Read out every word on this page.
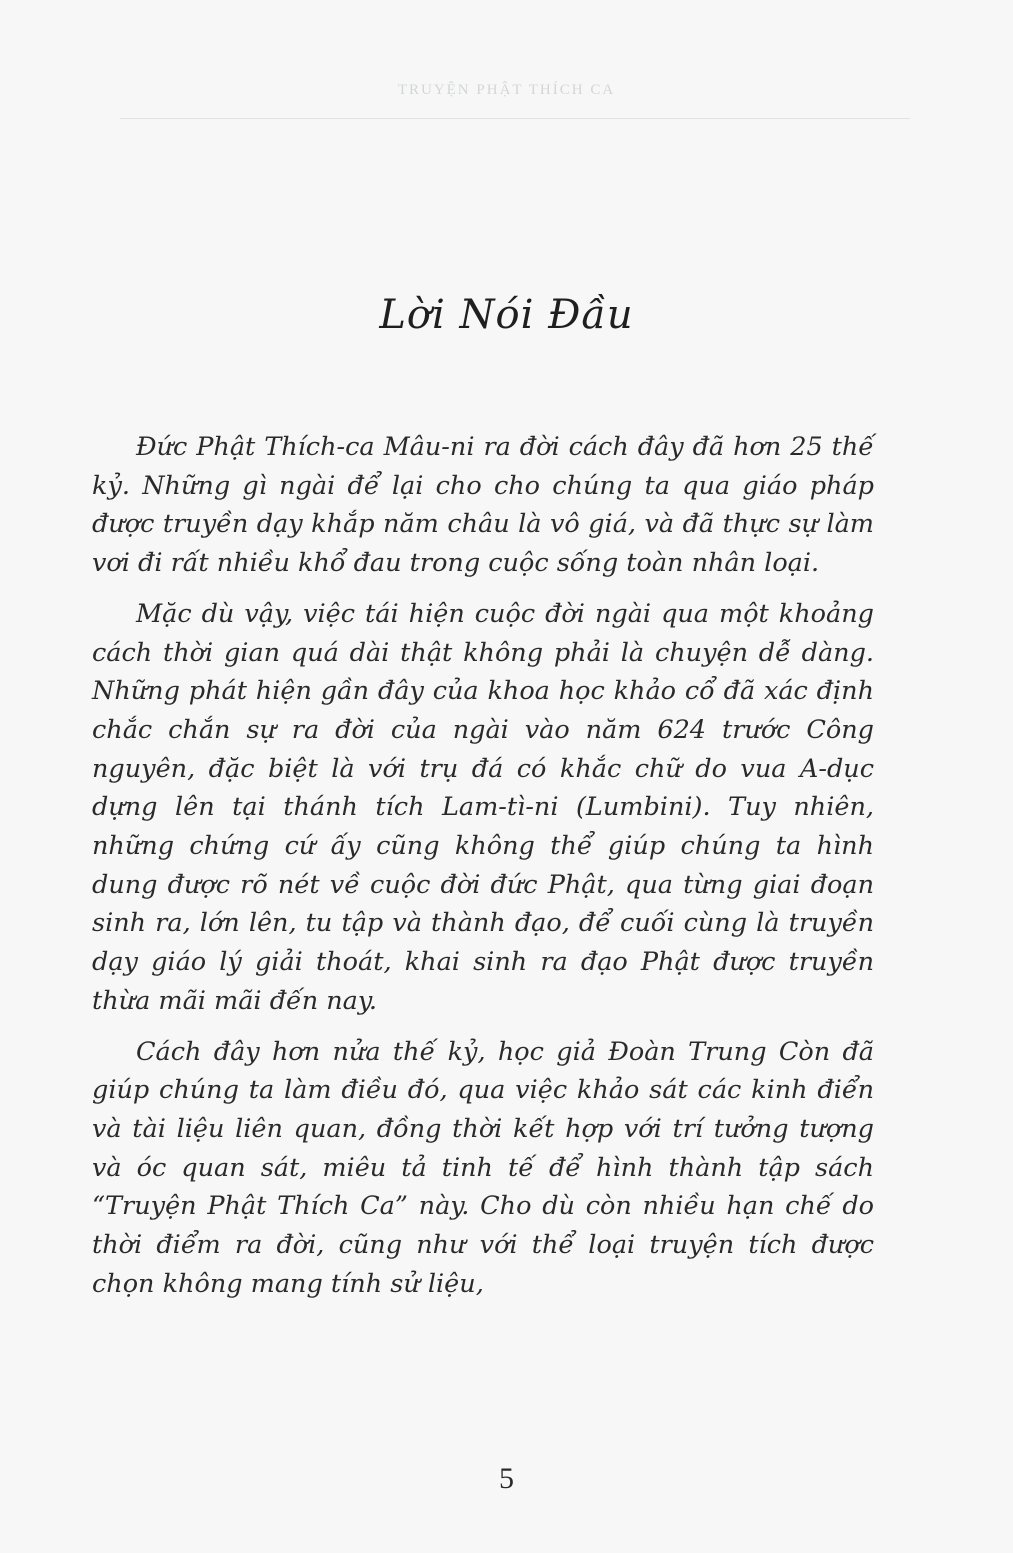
TRUYỆN PHẬT THÍCH CA
Lời Nói Đầu

Đức Phật Thích-ca Mâu-ni ra đời cách đây đã hơn 25 thế kỷ. Những gì ngài để lại cho cho chúng ta qua giáo pháp được truyền dạy khắp năm châu là vô giá, và đã thực sự làm vơi đi rất nhiều khổ đau trong cuộc sống toàn nhân loại.

Mặc dù vậy, việc tái hiện cuộc đời ngài qua một khoảng cách thời gian quá dài thật không phải là chuyện dễ dàng. Những phát hiện gần đây của khoa học khảo cổ đã xác định chắc chắn sự ra đời của ngài vào năm 624 trước Công nguyên, đặc biệt là với trụ đá có khắc chữ do vua A-dục dựng lên tại thánh tích Lam-tì-ni (Lumbini). Tuy nhiên, những chứng cứ ấy cũng không thể giúp chúng ta hình dung được rõ nét về cuộc đời đức Phật, qua từng giai đoạn sinh ra, lớn lên, tu tập và thành đạo, để cuối cùng là truyền dạy giáo lý giải thoát, khai sinh ra đạo Phật được truyền thừa mãi mãi đến nay.

Cách đây hơn nửa thế kỷ, học giả Đoàn Trung Còn đã giúp chúng ta làm điều đó, qua việc khảo sát các kinh điển và tài liệu liên quan, đồng thời kết hợp với trí tưởng tượng và óc quan sát, miêu tả tinh tế để hình thành tập sách “Truyện Phật Thích Ca” này. Cho dù còn nhiều hạn chế do thời điểm ra đời, cũng như với thể loại truyện tích được chọn không mang tính sử liệu,

5
